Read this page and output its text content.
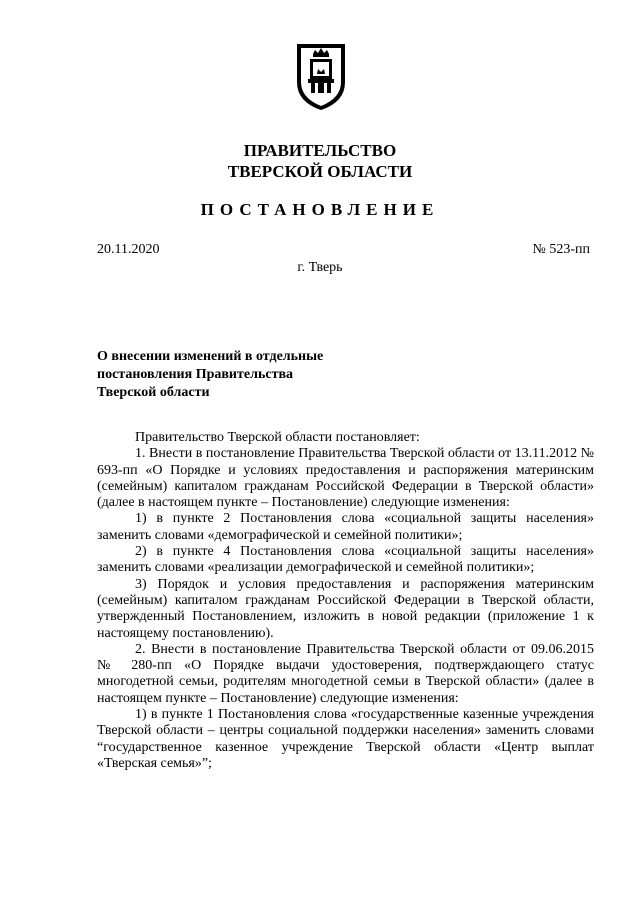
ПРАВИТЕЛЬСТВО
ТВЕРСКОЙ ОБЛАСТИ
ПОСТАНОВЛЕНИЕ
20.11.2020	№ 523-пп
г. Тверь
О внесении изменений в отдельные
постановления Правительства
Тверской области

Правительство Тверской области постановляет:

1. Внести в постановление Правительства Тверской области от 13.11.2012 № 693-пп «О Порядке и условиях предоставления и распоряжения материнским (семейным) капиталом гражданам Российской Федерации в Тверской области» (далее в настоящем пункте – Постановление) следующие изменения:

1) в пункте 2 Постановления слова «социальной защиты населения» заменить словами «демографической и семейной политики»;

2) в пункте 4 Постановления слова «социальной защиты населения» заменить словами «реализации демографической и семейной политики»;

3) Порядок и условия предоставления и распоряжения материнским (семейным) капиталом гражданам Российской Федерации в Тверской области, утвержденный Постановлением, изложить в новой редакции (приложение 1 к настоящему постановлению).

2. Внести в постановление Правительства Тверской области от 09.06.2015 № 280-пп «О Порядке выдачи удостоверения, подтверждающего статус многодетной семьи, родителям многодетной семьи в Тверской области» (далее в настоящем пункте – Постановление) следующие изменения:

1) в пункте 1 Постановления слова «государственные казенные учреждения Тверской области – центры социальной поддержки населения» заменить словами “государственное казенное учреждение Тверской области «Центр выплат «Тверская семья»”;
